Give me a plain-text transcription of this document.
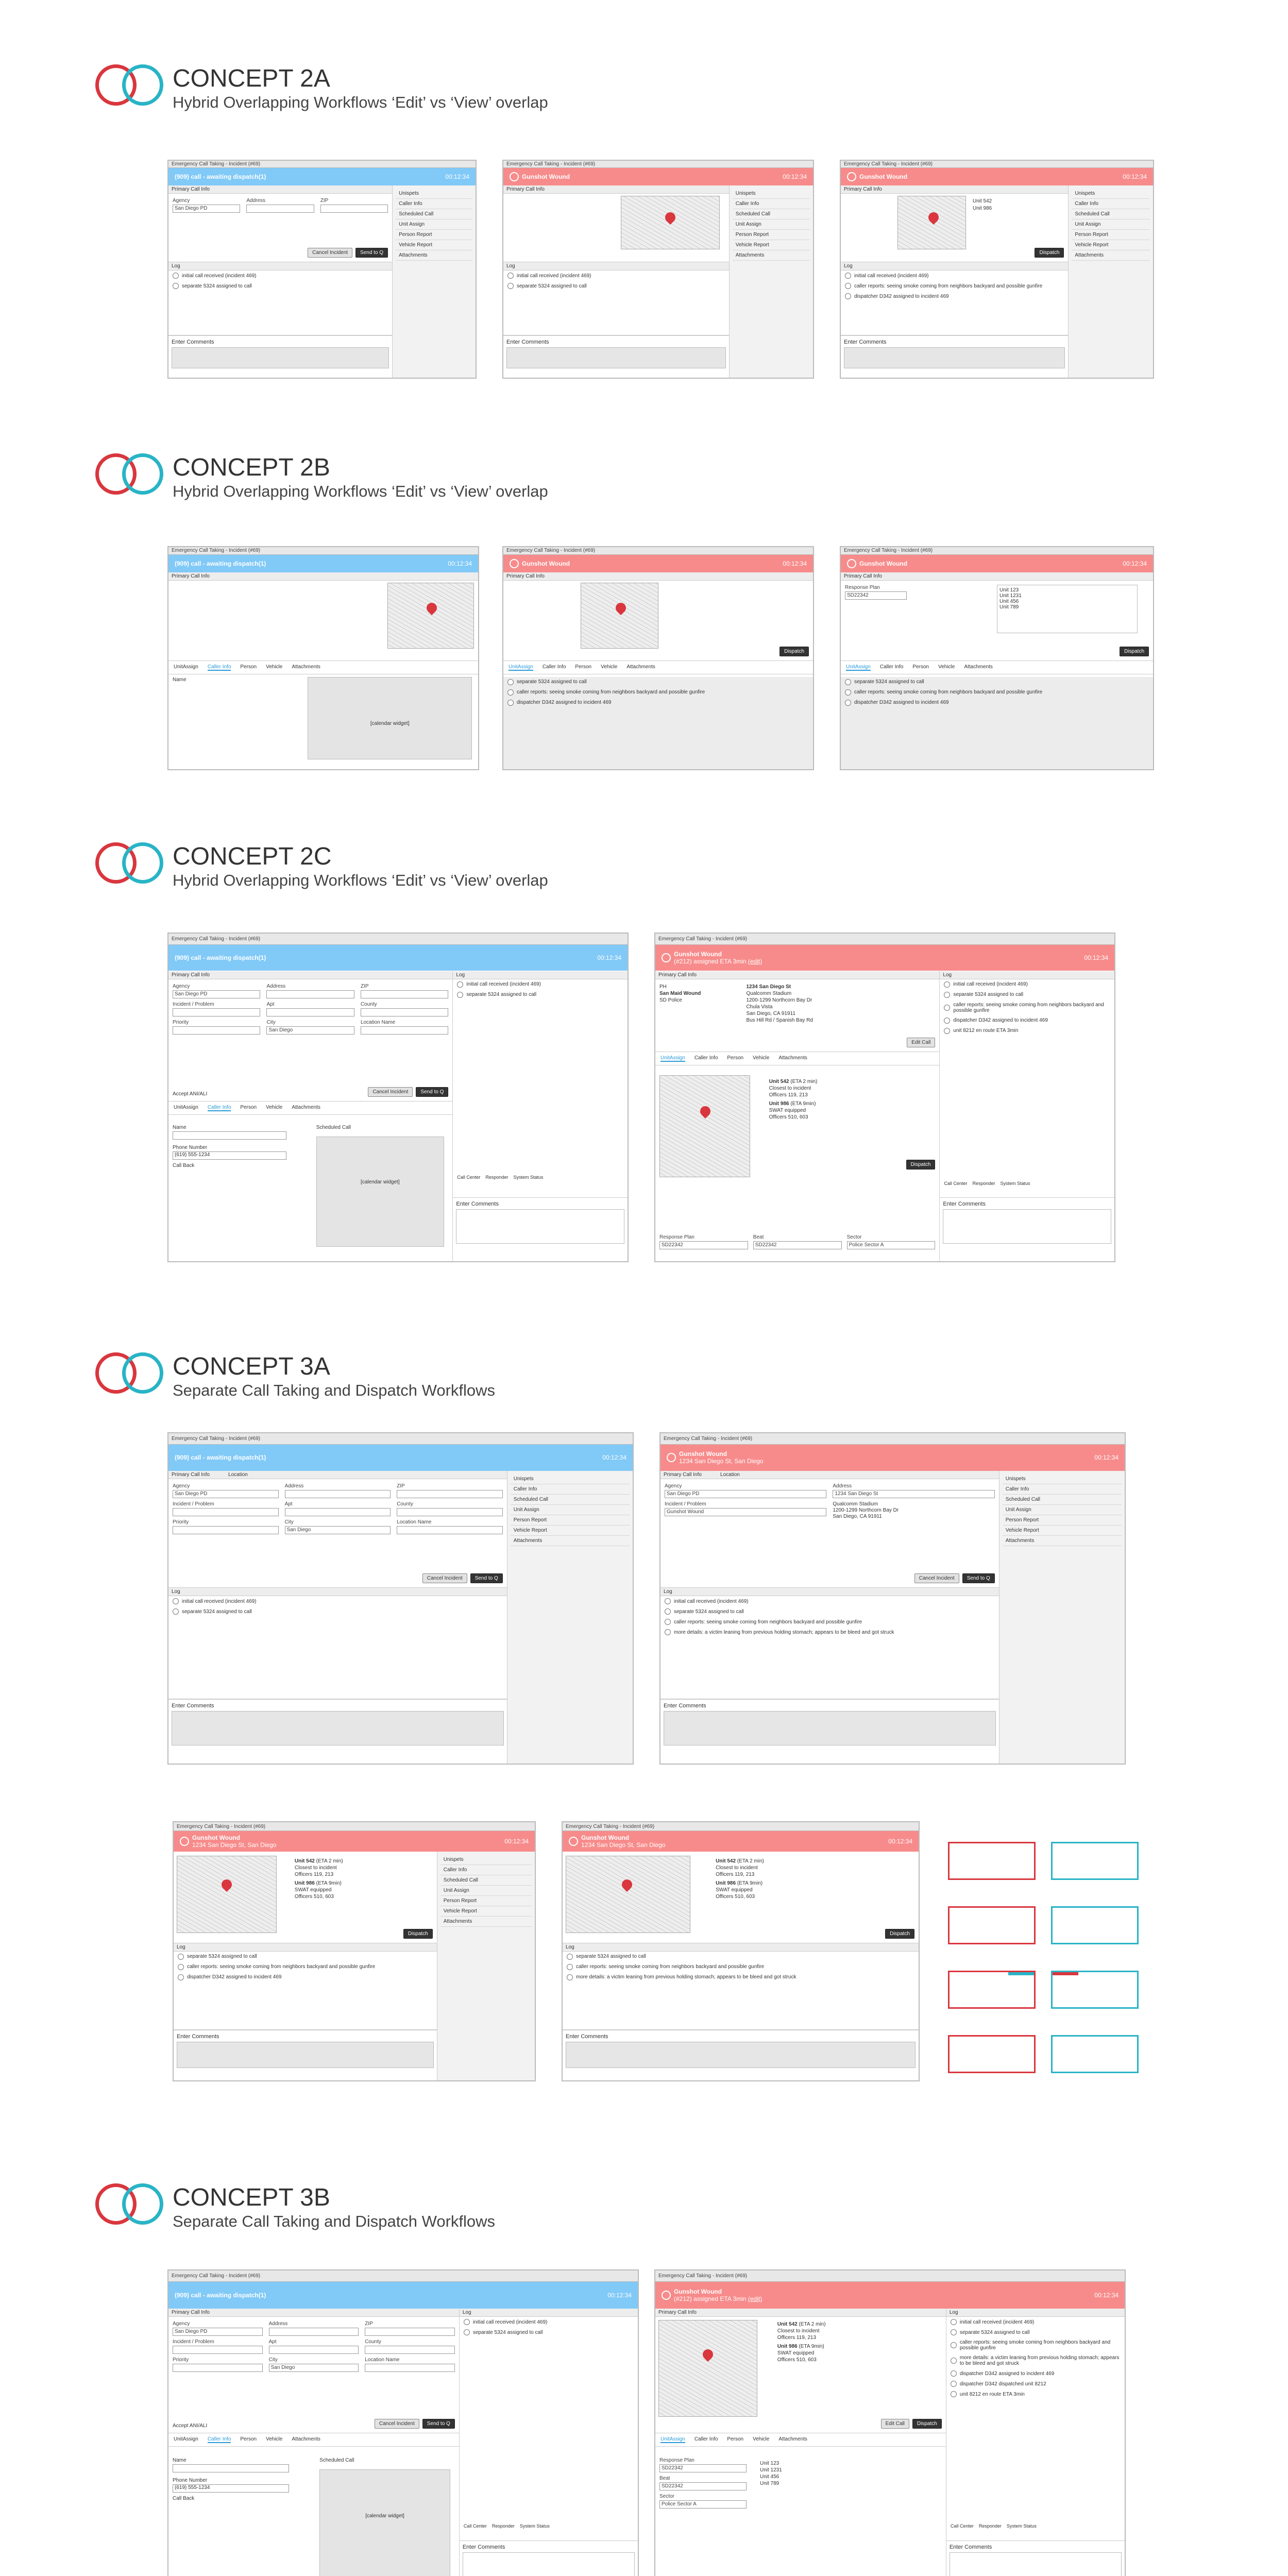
CONCEPT 2A
Hybrid Overlapping Workflows ‘Edit’ vs ‘View’ overlap
CONCEPT 2B
Hybrid Overlapping Workflows ‘Edit’ vs ‘View’ overlap
CONCEPT 2C
Hybrid Overlapping Workflows ‘Edit’ vs ‘View’ overlap
CONCEPT 3A
Separate Call Taking and Dispatch Workflows
CONCEPT 3B
Separate Call Taking and Dispatch Workflows
Emergency Call Taking - Incident (#69)
(909) call - awaiting dispatch(1)	00:12:34
Primary Call Info
Agency
San Diego PD
Address	ZIP
Cancel Incident	Send to Q
Log
initial call received (incident 469)
separate 5324 assigned to call
Enter Comments
Unispets
Caller Info
Scheduled Call
Unit Assign
Person Report
Vehicle Report
Attachments
Emergency Call Taking - Incident (#69)
Gunshot Wound	00:12:34
Primary Call Info
Log
initial call received (incident 469)
separate 5324 assigned to call
Enter Comments
Unispets
Caller Info
Scheduled Call
Unit Assign
Person Report
Vehicle Report
Attachments
Emergency Call Taking - Incident (#69)
Gunshot Wound	00:12:34
Primary Call Info
Unit 542
Unit 986
Dispatch
Log
initial call received (incident 469)
caller reports: seeing smoke coming from neighbors backyard and possible gunfire
dispatcher D342 assigned to incident 469
Enter Comments
Unispets
Caller Info
Scheduled Call
Unit Assign
Person Report
Vehicle Report
Attachments
Emergency Call Taking - Incident (#69)
(909) call - awaiting dispatch(1)	00:12:34
Primary Call Info
UnitAssign Caller Info Person Vehicle Attachments
Name
[calendar widget]
Emergency Call Taking - Incident (#69)
Gunshot Wound	00:12:34
Primary Call Info
Dispatch
UnitAssign Caller Info Person Vehicle Attachments
separate 5324 assigned to call
caller reports: seeing smoke coming from neighbors backyard and possible gunfire
dispatcher D342 assigned to incident 469
Emergency Call Taking - Incident (#69)
Gunshot Wound	00:12:34
Primary Call Info
Response Plan
SD22342
Unit 123
Unit 1231
Unit 456
Unit 789
Dispatch
UnitAssign Caller Info Person Vehicle Attachments
separate 5324 assigned to call
caller reports: seeing smoke coming from neighbors backyard and possible gunfire
dispatcher D342 assigned to incident 469
Emergency Call Taking - Incident (#69)
(909) call - awaiting dispatch(1)	00:12:34
Primary Call Info
Agency
San Diego PD
Address	ZIP
Incident / Problem	Apt	County
Priority	City
San Diego
Location Name
Accept ANI/ALI	Cancel Incident	Send to Q
UnitAssign Caller Info Person Vehicle Attachments
Name
Phone Number
(619) 555-1234
Call Back
Scheduled Call
[calendar widget]
Log
initial call received (incident 469)
separate 5324 assigned to call
Call Center Responder System Status
Enter Comments
Emergency Call Taking - Incident (#69)
Gunshot Wound
(#212) assigned ETA 3min (edit)	00:12:34
Primary Call Info
PH
San Maid Wound
SD Police
1234 San Diego St
Qualcomm Stadium
1200-1299 Northcorn Bay Dr
Chula Vista
San Diego, CA 91911
Bus Hill Rd / Spanish Bay Rd
Edit Call
UnitAssign Caller Info Person Vehicle Attachments
Unit 542 (ETA 2 min)
Closest to incident
Officers 119, 213
Unit 986 (ETA 9min)
SWAT equipped
Officers 510, 603
Dispatch
Response Plan
SD22342
Beat
SD22342
Sector
Police Sector A
Log
initial call received (incident 469)
separate 5324 assigned to call
caller reports: seeing smoke coming from neighbors backyard and possible gunfire
dispatcher D342 assigned to incident 469
unit 8212 en route ETA 3min
Call Center Responder System Status
Enter Comments
Emergency Call Taking - Incident (#69)
(909) call - awaiting dispatch(1)	00:12:34
Primary Call Info	Location
Agency
San Diego PD
Address	ZIP
Incident / Problem	Apt	County
Priority	City
San Diego
Location Name
Cancel Incident	Send to Q
Log
initial call received (incident 469)
separate 5324 assigned to call
Enter Comments
Unispets
Caller Info
Scheduled Call
Unit Assign
Person Report
Vehicle Report
Attachments
Emergency Call Taking - Incident (#69)
Gunshot Wound
1234 San Diego St, San Diego	00:12:34
Primary Call Info	Location
Agency
San Diego PD
Address
1234 San Diego St
Incident / Problem
Gunshot Wound
Qualcomm Stadium
1200-1299 Northcorn Bay Dr
San Diego, CA 91911
Cancel Incident	Send to Q
Log
initial call received (incident 469)
separate 5324 assigned to call
caller reports: seeing smoke coming from neighbors backyard and possible gunfire
more details: a victim leaning from previous holding stomach; appears to be bleed and got struck
Enter Comments
Unispets
Caller Info
Scheduled Call
Unit Assign
Person Report
Vehicle Report
Attachments
Emergency Call Taking - Incident (#69)
Gunshot Wound
1234 San Diego St, San Diego	00:12:34
Unit 542 (ETA 2 min)
Closest to incident
Officers 119, 213
Unit 986 (ETA 9min)
SWAT equipped
Officers 510, 603
Dispatch
Log
separate 5324 assigned to call
caller reports: seeing smoke coming from neighbors backyard and possible gunfire
dispatcher D342 assigned to incident 469
Enter Comments
Unispets
Caller Info
Scheduled Call
Unit Assign
Person Report
Vehicle Report
Attachments
Emergency Call Taking - Incident (#69)
Gunshot Wound
1234 San Diego St, San Diego	00:12:34
Unit 542 (ETA 2 min)
Closest to incident
Officers 119, 213
Unit 986 (ETA 9min)
SWAT equipped
Officers 510, 603
Dispatch
Log
separate 5324 assigned to call
caller reports: seeing smoke coming from neighbors backyard and possible gunfire
more details: a victim leaning from previous holding stomach; appears to be bleed and got struck
Enter Comments
Emergency Call Taking - Incident (#69)
(909) call - awaiting dispatch(1)	00:12:34
Primary Call Info
Agency
San Diego PD
Address	ZIP
Incident / Problem	Apt	County
Priority	City
San Diego
Location Name
Accept ANI/ALI	Cancel Incident	Send to Q
UnitAssign Caller Info Person Vehicle Attachments
Name
Phone Number
(619) 555-1234
Call Back
Scheduled Call
[calendar widget]
Log
initial call received (incident 469)
separate 5324 assigned to call
Call Center Responder System Status
Enter Comments
Emergency Call Taking - Incident (#69)
Gunshot Wound
(#212) assigned ETA 3min (edit)	00:12:34
Primary Call Info
Unit 542 (ETA 2 min)
Closest to incident
Officers 119, 213
Unit 986 (ETA 9min)
SWAT equipped
Officers 510, 603
Edit Call	Dispatch
UnitAssign Caller Info Person Vehicle Attachments
Response Plan
SD22342
Beat
SD22342
Sector
Police Sector A
Unit 123
Unit 1231
Unit 456
Unit 789
Log
initial call received (incident 469)
separate 5324 assigned to call
caller reports: seeing smoke coming from neighbors backyard and possible gunfire
more details: a victim leaning from previous holding stomach; appears to be bleed and got struck
dispatcher D342 assigned to incident 469
dispatcher D342 dispatched unit 8212
unit 8212 en route ETA 3min
Call Center Responder System Status
Enter Comments
